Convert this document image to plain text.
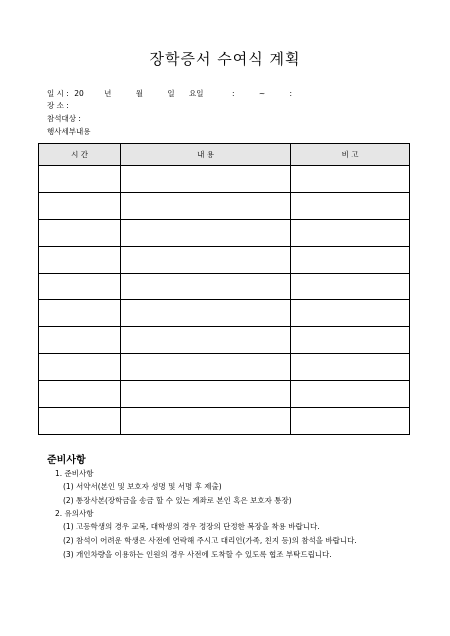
장학증서 수여식 계획
일 시 : 20	년	월	일 요일	:	~	:
장 소 :
참석대상 :
행사세부내용
시 간	내 용	비 고

준비사항
1. 준비사항
(1) 서약서(본인 및 보호자 성명 및 서명 후 제출)
(2) 통장사본(장학금을 송금 할 수 있는 계좌로 본인 혹은 보호자 통장)
2. 유의사항
(1) 고등학생의 경우 교복, 대학생의 경우 정장의 단정한 복장을 착용 바랍니다.
(2) 참석이 어려운 학생은 사전에 연락해 주시고 대리인(가족, 친지 등)의 참석을 바랍니다.
(3) 개인차량을 이용하는 인원의 경우 사전에 도착할 수 있도록 협조 부탁드립니다.
